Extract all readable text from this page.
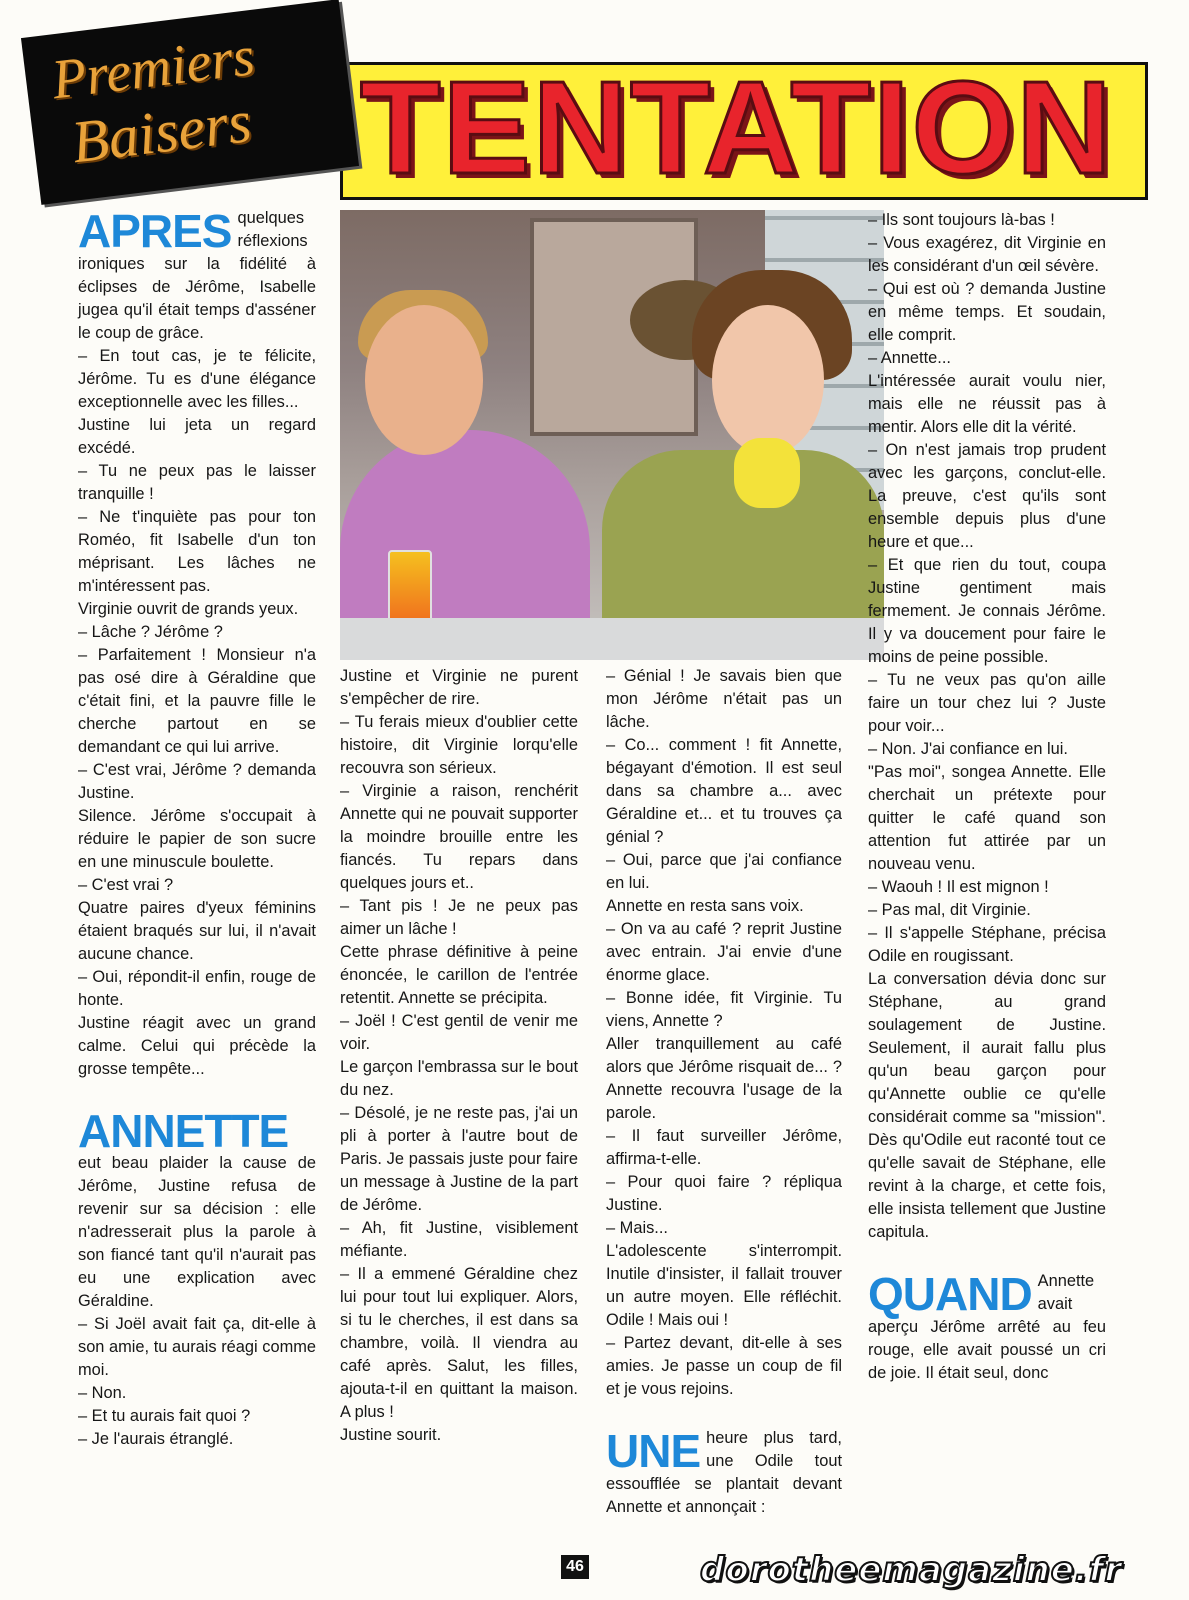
TENTATION
Premiers
Baisers

APRES quelques réflexions ironiques sur la fidélité à éclipses de Jérôme, Isabelle jugea qu'il était temps d'asséner le coup de grâce.

– En tout cas, je te félicite, Jérôme. Tu es d'une élégance exceptionnelle avec les filles...

Justine lui jeta un regard excédé.

– Tu ne peux pas le laisser tranquille !

– Ne t'inquiète pas pour ton Roméo, fit Isabelle d'un ton méprisant. Les lâches ne m'intéressent pas.

Virginie ouvrit de grands yeux.

– Lâche ? Jérôme ?

– Parfaitement ! Monsieur n'a pas osé dire à Géraldine que c'était fini, et la pauvre fille le cherche partout en se demandant ce qui lui arrive.

– C'est vrai, Jérôme ? demanda Justine.

Silence. Jérôme s'occupait à réduire le papier de son sucre en une minuscule boulette.

– C'est vrai ?

Quatre paires d'yeux féminins étaient braqués sur lui, il n'avait aucune chance.

– Oui, répondit-il enfin, rouge de honte.

Justine réagit avec un grand calme. Celui qui précède la grosse tempête...

ANNETTE
eut beau plaider la cause de Jérôme, Justine refusa de revenir sur sa décision : elle n'adresserait plus la parole à son fiancé tant qu'il n'aurait pas eu une explication avec Géraldine.

– Si Joël avait fait ça, dit-elle à son amie, tu aurais réagi comme moi.

– Non.

– Et tu aurais fait quoi ?

– Je l'aurais étranglé.

Justine et Virginie ne purent s'empêcher de rire.

– Tu ferais mieux d'oublier cette histoire, dit Virginie lorqu'elle recouvra son sérieux.

– Virginie a raison, renchérit Annette qui ne pouvait supporter la moindre brouille entre les fiancés. Tu repars dans quelques jours et..

– Tant pis ! Je ne peux pas aimer un lâche !

Cette phrase définitive à peine énoncée, le carillon de l'entrée retentit. Annette se précipita.

– Joël ! C'est gentil de venir me voir.

Le garçon l'embrassa sur le bout du nez.

– Désolé, je ne reste pas, j'ai un pli à porter à l'autre bout de Paris. Je passais juste pour faire un message à Justine de la part de Jérôme.

– Ah, fit Justine, visiblement méfiante.

– Il a emmené Géraldine chez lui pour tout lui expliquer. Alors, si tu le cherches, il est dans sa chambre, voilà. Il viendra au café après. Salut, les filles, ajouta-t-il en quittant la maison. A plus !

Justine sourit.

– Génial ! Je savais bien que mon Jérôme n'était pas un lâche.

– Co... comment ! fit Annette, bégayant d'émotion. Il est seul dans sa chambre a... avec Géraldine et... et tu trouves ça génial ?

– Oui, parce que j'ai confiance en lui.

Annette en resta sans voix.

– On va au café ? reprit Justine avec entrain. J'ai envie d'une énorme glace.

– Bonne idée, fit Virginie. Tu viens, Annette ?

Aller tranquillement au café alors que Jérôme risquait de... ? Annette recouvra l'usage de la parole.

– Il faut surveiller Jérôme, affirma-t-elle.

– Pour quoi faire ? répliqua Justine.

– Mais...

L'adolescente s'interrompit. Inutile d'insister, il fallait trouver un autre moyen. Elle réfléchit. Odile ! Mais oui !

– Partez devant, dit-elle à ses amies. Je passe un coup de fil et je vous rejoins.

UNE heure plus tard, une Odile tout essoufflée se plantait devant Annette et annonçait :

– Ils sont toujours là-bas !

– Vous exagérez, dit Virginie en les considérant d'un œil sévère.

– Qui est où ? demanda Justine en même temps. Et soudain, elle comprit.

– Annette...

L'intéressée aurait voulu nier, mais elle ne réussit pas à mentir. Alors elle dit la vérité.

– On n'est jamais trop prudent avec les garçons, conclut-elle. La preuve, c'est qu'ils sont ensemble depuis plus d'une heure et que...

– Et que rien du tout, coupa Justine gentiment mais fermement. Je connais Jérôme. Il y va doucement pour faire le moins de peine possible.

– Tu ne veux pas qu'on aille faire un tour chez lui ? Juste pour voir...

– Non. J'ai confiance en lui.

"Pas moi", songea Annette. Elle cherchait un prétexte pour quitter le café quand son attention fut attirée par un nouveau venu.

– Waouh ! Il est mignon !

– Pas mal, dit Virginie.

– Il s'appelle Stéphane, précisa Odile en rougissant.

La conversation dévia donc sur Stéphane, au grand soulagement de Justine. Seulement, il aurait fallu plus qu'un beau garçon pour qu'Annette oublie ce qu'elle considérait comme sa "mission". Dès qu'Odile eut raconté tout ce qu'elle savait de Stéphane, elle revint à la charge, et cette fois, elle insista tellement que Justine capitula.

QUAND Annette avait aperçu Jérôme arrêté au feu rouge, elle avait poussé un cri de joie. Il était seul, donc

46	dorotheemagazine.fr
